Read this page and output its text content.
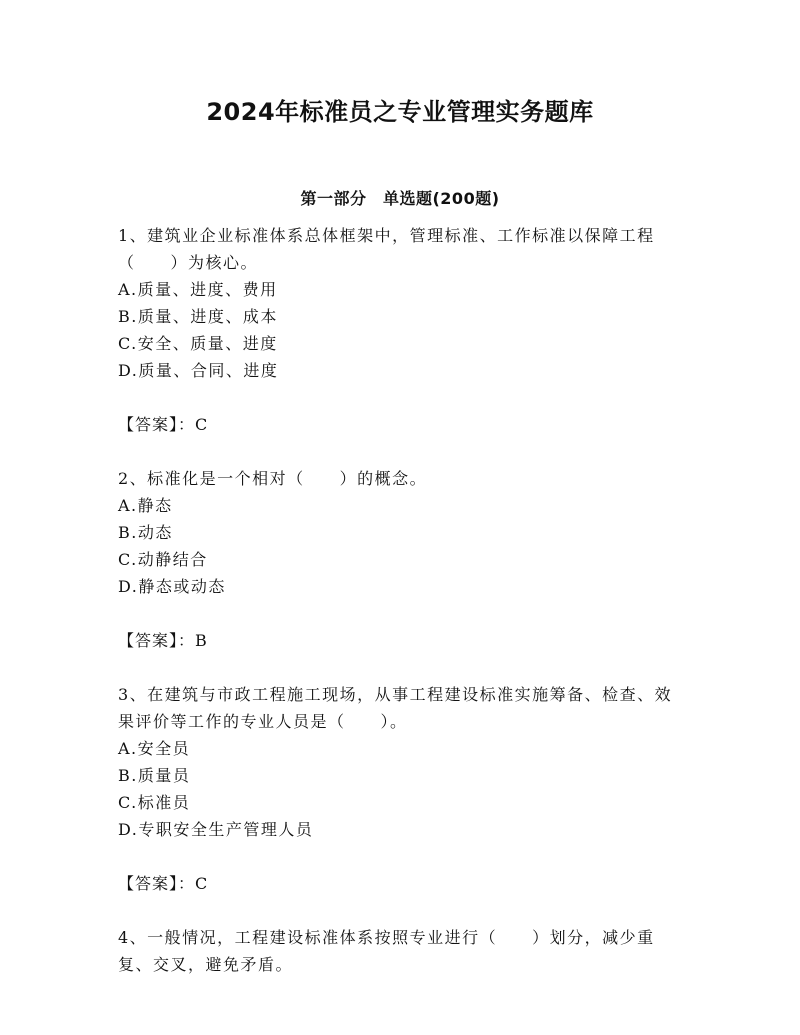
2024年标准员之专业管理实务题库
第一部分　单选题(200题)

1、建筑业企业标准体系总体框架中，管理标准、工作标准以保障工程（　　）为核心。

A.质量、进度、费用

B.质量、进度、成本

C.安全、质量、进度

D.质量、合同、进度

【答案】：C

2、标准化是一个相对（　　）的概念。

A.静态

B.动态

C.动静结合

D.静态或动态

【答案】：B

3、在建筑与市政工程施工现场，从事工程建设标准实施筹备、检查、效果评价等工作的专业人员是（　　）。

A.安全员

B.质量员

C.标准员

D.专职安全生产管理人员

【答案】：C

4、一般情况，工程建设标准体系按照专业进行（　　）划分，减少重复、交叉，避免矛盾。
